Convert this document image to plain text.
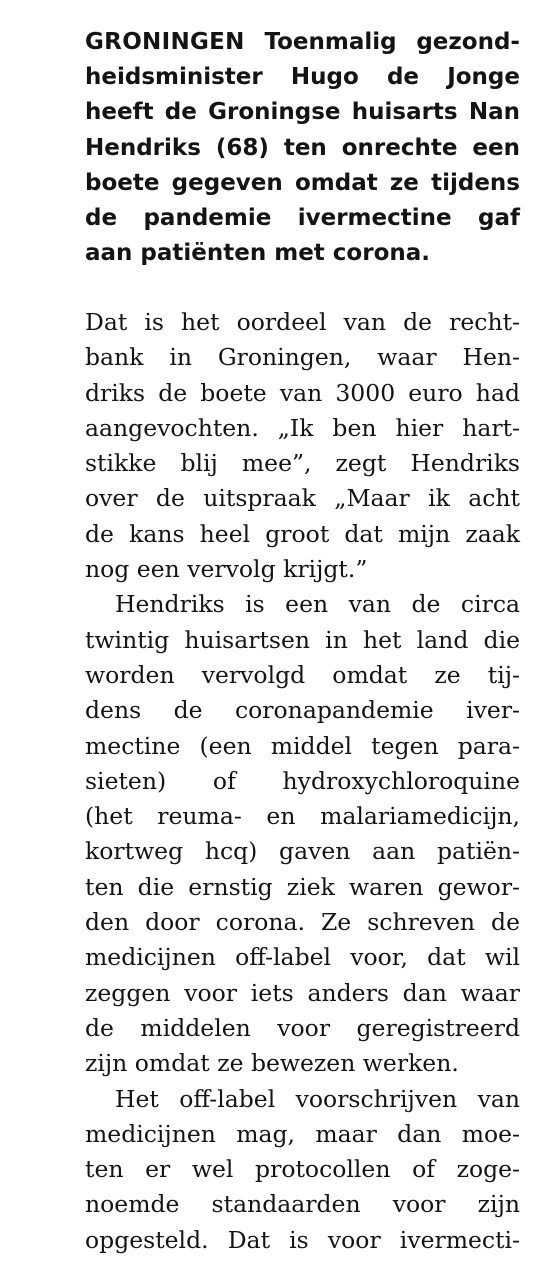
GRONINGEN Toenmalig gezond-
heidsminister Hugo de Jonge
heeft de Groningse huisarts Nan
Hendriks (68) ten onrechte een
boete gegeven omdat ze tijdens
de pandemie ivermectine gaf
aan patiënten met corona.
Dat is het oordeel van de recht-
bank in Groningen, waar Hen-
driks de boete van 3000 euro had
aangevochten. „Ik ben hier hart-
stikke blij mee”, zegt Hendriks
over de uitspraak „Maar ik acht
de kans heel groot dat mijn zaak
nog een vervolg krijgt.”
Hendriks is een van de circa
twintig huisartsen in het land die
worden vervolgd omdat ze tij-
dens de coronapandemie iver-
mectine (een middel tegen para-
sieten) of hydroxychloroquine
(het reuma- en malariamedicijn,
kortweg hcq) gaven aan patiën-
ten die ernstig ziek waren gewor-
den door corona. Ze schreven de
medicijnen off-label voor, dat wil
zeggen voor iets anders dan waar
de middelen voor geregistreerd
zijn omdat ze bewezen werken.
Het off-label voorschrijven van
medicijnen mag, maar dan moe-
ten er wel protocollen of zoge-
noemde standaarden voor zijn
opgesteld. Dat is voor ivermecti-
